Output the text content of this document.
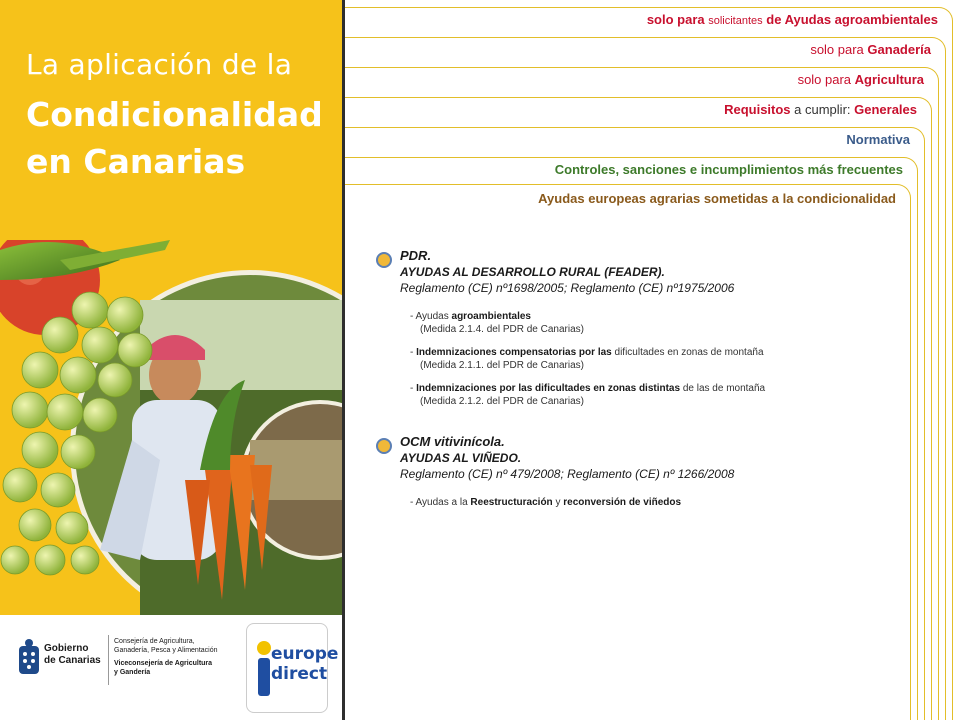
La aplicación de la
Condicionalidad
en Canarias
Gobierno
de Canarias
Consejería de Agricultura,
Ganadería, Pesca y Alimentación
Viceconsejería de Agricultura
y Gandería
europe
direct
solo para solicitantes de Ayudas agroambientales
solo para Ganadería
solo para Agricultura
Requisitos a cumplir: Generales
Normativa
Controles, sanciones e incumplimientos más frecuentes
Ayudas europeas agrarias sometidas a la condicionalidad
PDR.
AYUDAS AL DESARROLLO RURAL (FEADER).
Reglamento (CE) nº1698/2005; Reglamento (CE) nº1975/2006
- Ayudas agroambientales
(Medida 2.1.4. del PDR de Canarias)
- Indemnizaciones compensatorias por las dificultades en zonas de montaña
(Medida 2.1.1. del PDR de Canarias)
- Indemnizaciones por las dificultades en zonas distintas de las de montaña
(Medida 2.1.2. del PDR de Canarias)
OCM vitivinícola.
AYUDAS AL VIÑEDO.
Reglamento (CE) nº 479/2008; Reglamento (CE) nº 1266/2008
- Ayudas a la Reestructuración y reconversión de viñedos
